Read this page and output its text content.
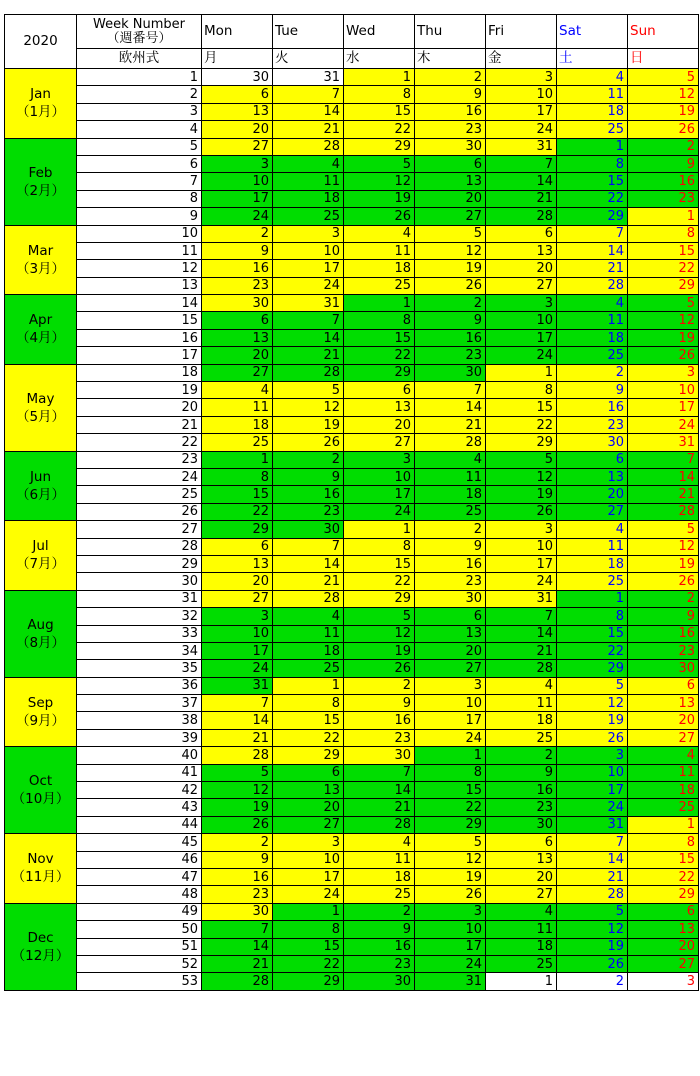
2020	Week Number
（週番号）	Mon	Tue	Wed	Thu	Fri	Sat	Sun
	欧州式	月	火	水	木	金	土	日

Jan
（1月）	1	30	31	1	2	3	4	5
	2	6	7	8	9	10	11	12
	3	13	14	15	16	17	18	19
	4	20	21	22	23	24	25	26

Feb
（2月）	5	27	28	29	30	31	1	2
	6	3	4	5	6	7	8	9
	7	10	11	12	13	14	15	16
	8	17	18	19	20	21	22	23
	9	24	25	26	27	28	29	1

Mar
（3月）	10	2	3	4	5	6	7	8
	11	9	10	11	12	13	14	15
	12	16	17	18	19	20	21	22
	13	23	24	25	26	27	28	29

Apr
（4月）	14	30	31	1	2	3	4	5
	15	6	7	8	9	10	11	12
	16	13	14	15	16	17	18	19
	17	20	21	22	23	24	25	26

May
（5月）	18	27	28	29	30	1	2	3
	19	4	5	6	7	8	9	10
	20	11	12	13	14	15	16	17
	21	18	19	20	21	22	23	24
	22	25	26	27	28	29	30	31

Jun
（6月）	23	1	2	3	4	5	6	7
	24	8	9	10	11	12	13	14
	25	15	16	17	18	19	20	21
	26	22	23	24	25	26	27	28

Jul
（7月）	27	29	30	1	2	3	4	5
	28	6	7	8	9	10	11	12
	29	13	14	15	16	17	18	19
	30	20	21	22	23	24	25	26

Aug
（8月）	31	27	28	29	30	31	1	2
	32	3	4	5	6	7	8	9
	33	10	11	12	13	14	15	16
	34	17	18	19	20	21	22	23
	35	24	25	26	27	28	29	30

Sep
（9月）	36	31	1	2	3	4	5	6
	37	7	8	9	10	11	12	13
	38	14	15	16	17	18	19	20
	39	21	22	23	24	25	26	27

Oct
（10月）	40	28	29	30	1	2	3	4
	41	5	6	7	8	9	10	11
	42	12	13	14	15	16	17	18
	43	19	20	21	22	23	24	25
	44	26	27	28	29	30	31	1

Nov
（11月）	45	2	3	4	5	6	7	8
	46	9	10	11	12	13	14	15
	47	16	17	18	19	20	21	22
	48	23	24	25	26	27	28	29

Dec
（12月）	49	30	1	2	3	4	5	6
	50	7	8	9	10	11	12	13
	51	14	15	16	17	18	19	20
	52	21	22	23	24	25	26	27
	53	28	29	30	31	1	2	3
